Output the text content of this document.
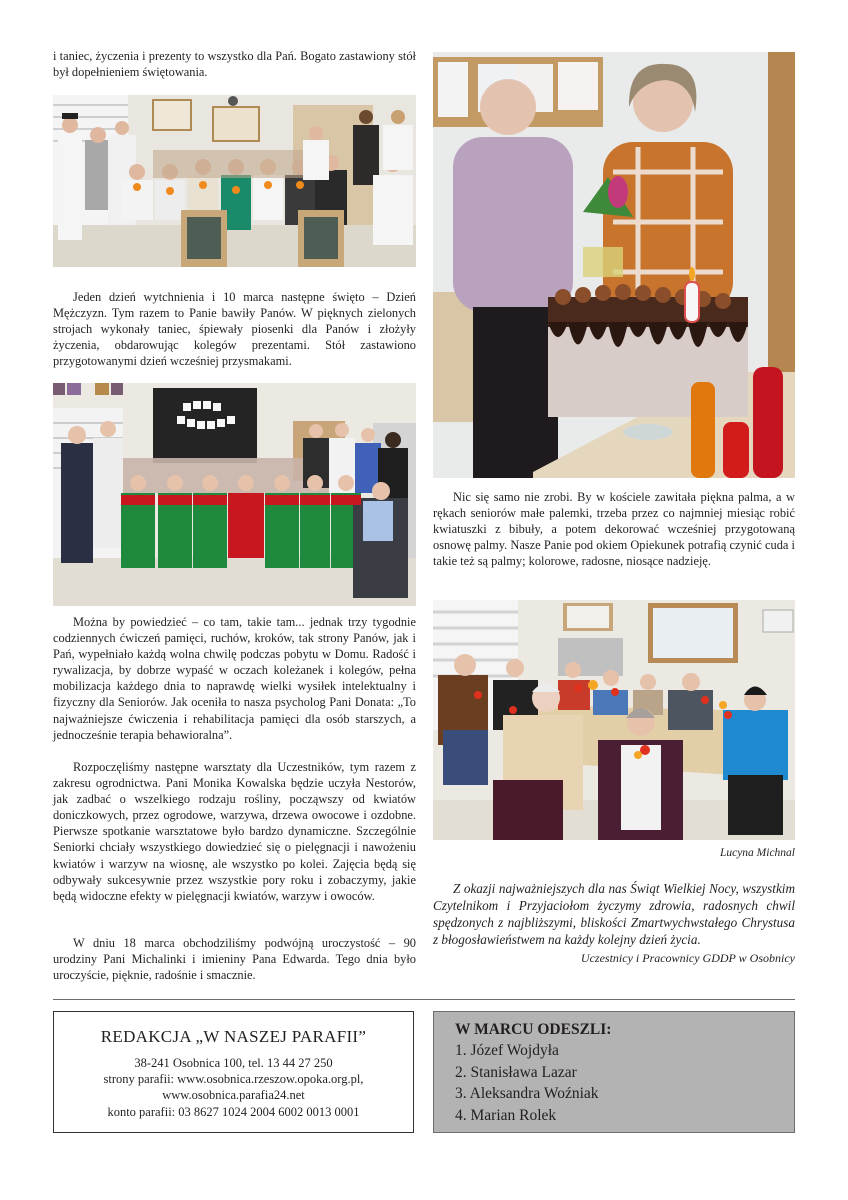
i taniec, życzenia i prezenty to wszystko dla Pań. Bogato zastawiony stół był dopełnieniem świętowania.

Jeden dzień wytchnienia i 10 marca następne święto – Dzień Mężczyzn. Tym razem to Panie bawiły Panów. W pięknych zielonych strojach wykonały taniec, śpiewały piosenki dla Panów i złożyły życzenia, obdarowując kolegów prezentami. Stół zastawiono przygotowanymi dzień wcześniej przysmakami.

Można by powiedzieć – co tam, takie tam... jednak trzy tygodnie codziennych ćwiczeń pamięci, ruchów, kroków, tak strony Panów, jak i Pań, wypełniało każdą wolna chwilę podczas pobytu w Domu. Radość i rywalizacja, by dobrze wypaść w oczach koleżanek i kolegów, pełna mobilizacja każdego dnia to naprawdę wielki wysiłek intelektualny i fizyczny dla Seniorów. Jak oceniła to nasza psycholog Pani Donata: „To najważniejsze ćwiczenia i rehabilitacja pamięci dla osób starszych, a jednocześnie terapia behawioralna”.

Rozpoczęliśmy następne warsztaty dla Uczestników, tym razem z zakresu ogrodnictwa. Pani Monika Kowalska będzie uczyła Nestorów, jak zadbać o wszelkiego rodzaju rośliny, począwszy od kwiatów doniczkowych, przez ogrodowe, warzywa, drzewa owocowe i ozdobne. Pierwsze spotkanie warsztatowe było bardzo dynamiczne. Szczególnie Seniorki chciały wszystkiego dowiedzieć się o pielęgnacji i nawożeniu kwiatów i warzyw na wiosnę, ale wszystko po kolei. Zajęcia będą się odbywały sukcesywnie przez wszystkie pory roku i zobaczymy, jakie będą widoczne efekty w pielęgnacji kwiatów, warzyw i owoców.

W dniu 18 marca obchodziliśmy podwójną uroczystość – 90 urodziny Pani Michalinki i imieniny Pana Edwarda. Tego dnia było uroczyście, pięknie, radośnie i smacznie.

Nic się samo nie zrobi. By w kościele zawitała piękna palma, a w rękach seniorów małe palemki, trzeba przez co najmniej miesiąc robić kwiatuszki z bibuły, a potem dekorować wcześniej przygotowaną osnowę palmy. Nasze Panie pod okiem Opiekunek potrafią czynić cuda i takie też są palmy; kolorowe, radosne, niosące nadzieję.

Lucyna Michnal

Z okazji najważniejszych dla nas Świąt Wielkiej Nocy, wszystkim Czytelnikom i Przyjaciołom życzymy zdrowia, radosnych chwil spędzonych z najbliższymi, bliskości Zmartwychwstałego Chrystusa z błogosławieństwem na każdy kolejny dzień życia.

Uczestnicy i Pracownicy GDDP w Osobnicy

REDAKCJA „W NASZEJ PARAFII”
38-241 Osobnica 100, tel. 13 44 27 250
strony parafii: www.osobnica.rzeszow.opoka.org.pl,
www.osobnica.parafia24.net
konto parafii: 03 8627 1024 2004 6002 0013 0001
W MARCU ODESZLI:
1. Józef Wojdyła
2. Stanisława Lazar
3. Aleksandra Woźniak
4. Marian Rolek
